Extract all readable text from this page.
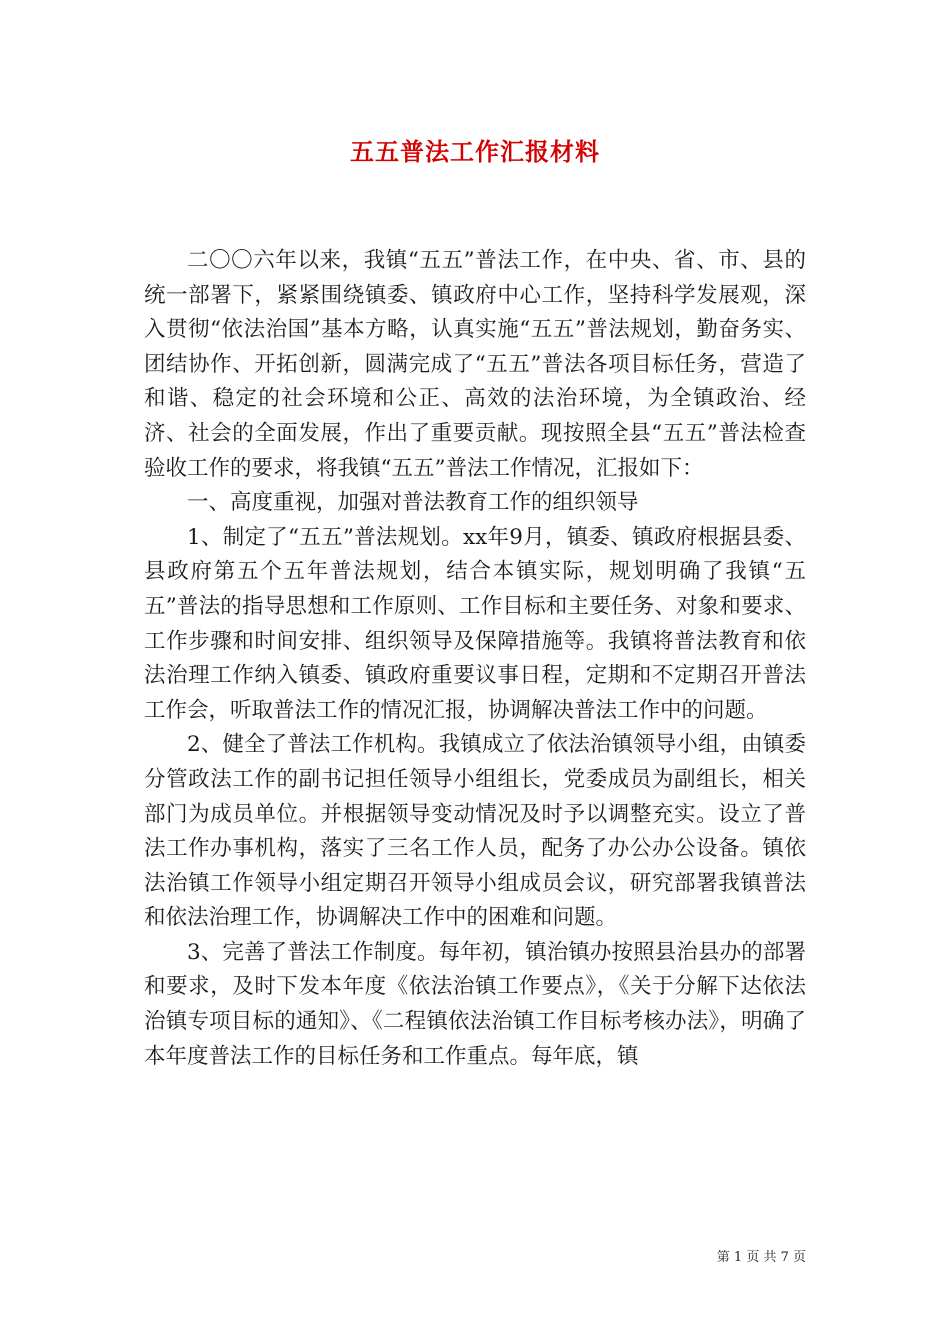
五五普法工作汇报材料

二〇〇六年以来，我镇“五五”普法工作，在中央、省、市、县的统一部署下，紧紧围绕镇委、镇政府中心工作，坚持科学发展观，深入贯彻“依法治国”基本方略，认真实施“五五”普法规划，勤奋务实、团结协作、开拓创新，圆满完成了“五五”普法各项目标任务，营造了和谐、稳定的社会环境和公正、高效的法治环境，为全镇政治、经济、社会的全面发展，作出了重要贡献。现按照全县“五五”普法检查验收工作的要求，将我镇“五五”普法工作情况，汇报如下：

一、高度重视，加强对普法教育工作的组织领导

1、制定了“五五”普法规划。xx年9月，镇委、镇政府根据县委、县政府第五个五年普法规划，结合本镇实际，规划明确了我镇“五五”普法的指导思想和工作原则、工作目标和主要任务、对象和要求、工作步骤和时间安排、组织领导及保障措施等。我镇将普法教育和依法治理工作纳入镇委、镇政府重要议事日程，定期和不定期召开普法工作会，听取普法工作的情况汇报，协调解决普法工作中的问题。

2、健全了普法工作机构。我镇成立了依法治镇领导小组，由镇委分管政法工作的副书记担任领导小组组长，党委成员为副组长，相关部门为成员单位。并根据领导变动情况及时予以调整充实。设立了普法工作办事机构，落实了三名工作人员，配务了办公办公设备。镇依法治镇工作领导小组定期召开领导小组成员会议，研究部署我镇普法和依法治理工作，协调解决工作中的困难和问题。

3、完善了普法工作制度。每年初，镇治镇办按照县治县办的部署和要求，及时下发本年度《依法治镇工作要点》，《关于分解下达依法治镇专项目标的通知》、《二程镇依法治镇工作目标考核办法》，明确了本年度普法工作的目标任务和工作重点。每年底，镇

第 1 页 共 7 页
